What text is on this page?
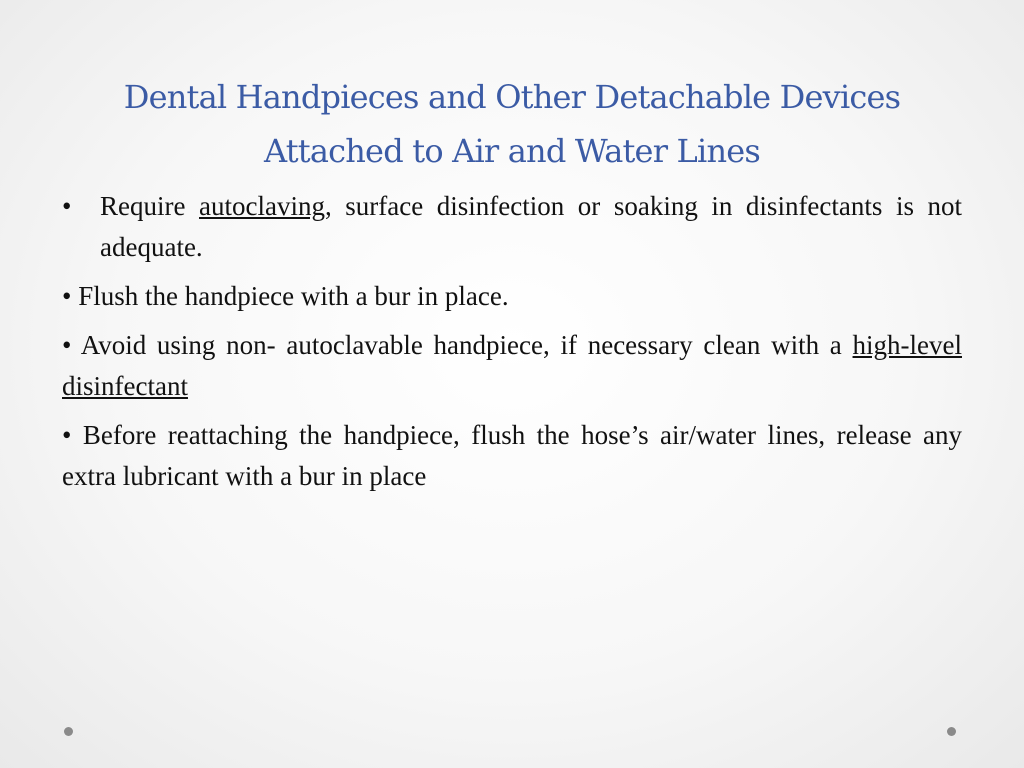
Dental Handpieces and Other Detachable Devices
Attached to Air and Water Lines

• Require autoclaving, surface disinfection or soaking in disinfectants is not adequate.

• Flush the handpiece with a bur in place.

• Avoid using non- autoclavable handpiece, if necessary clean with a high-level disinfectant

• Before reattaching the handpiece, flush the hose’s air/water lines, release any extra lubricant with a bur in place
